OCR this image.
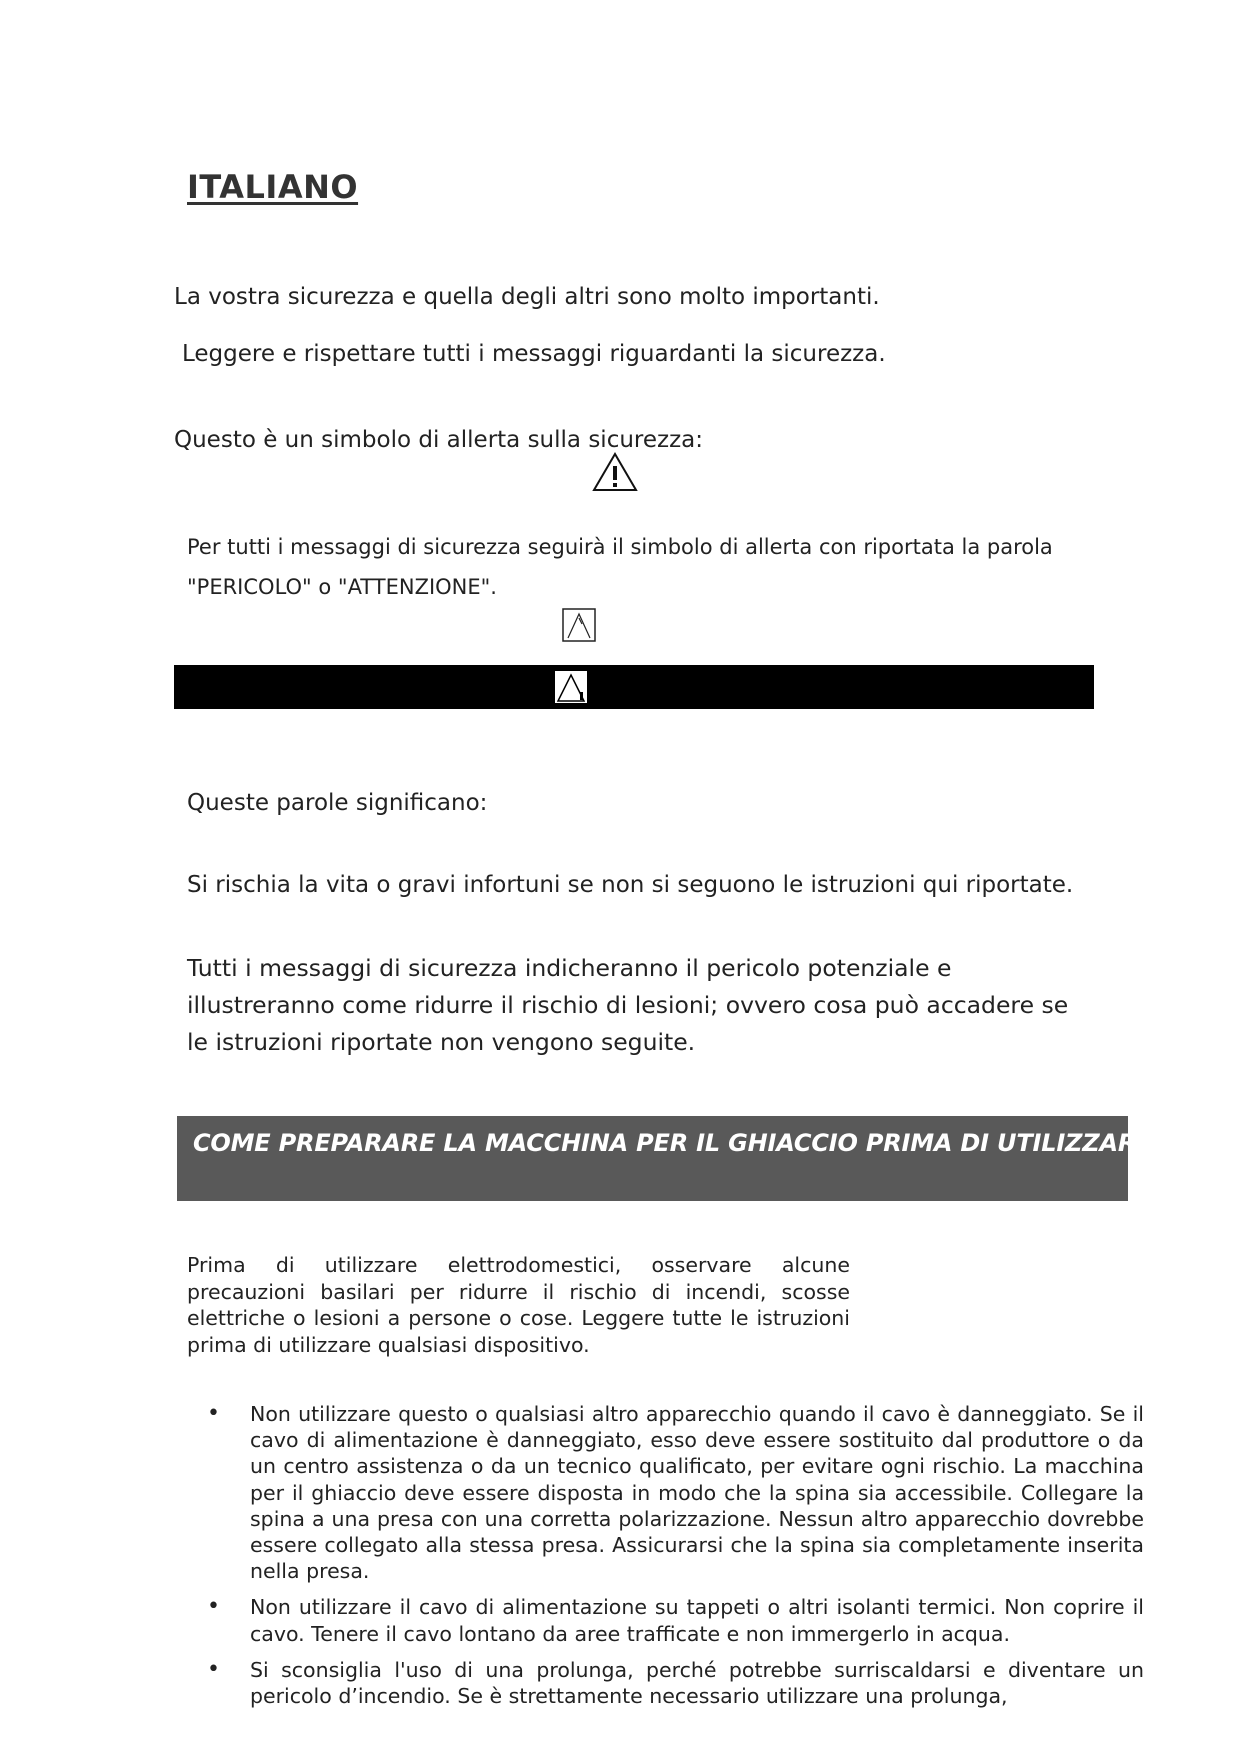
ITALIANO

La vostra sicurezza e quella degli altri sono molto importanti.

Leggere e rispettare tutti i messaggi riguardanti la sicurezza.

Questo è un simbolo di allerta sulla sicurezza:

Per tutti i messaggi di sicurezza seguirà il simbolo di allerta con riportata la parola

"PERICOLO" o "ATTENZIONE".

Queste parole significano:

Si rischia la vita o gravi infortuni se non si seguono le istruzioni qui riportate.

Tutti i messaggi di sicurezza indicheranno il pericolo potenziale e illustreranno come ridurre il rischio di lesioni; ovvero cosa può accadere se le istruzioni riportate non vengono seguite.

COME PREPARARE LA MACCHINA PER IL GHIACCIO PRIMA DI UTILIZZARLA

Prima di utilizzare elettrodomestici, osservare alcune precauzioni basilari per ridurre il rischio di incendi, scosse elettriche o lesioni a persone o cose. Leggere tutte le istruzioni prima di utilizzare qualsiasi dispositivo.

• Non utilizzare questo o qualsiasi altro apparecchio quando il cavo è danneggiato. Se il cavo di alimentazione è danneggiato, esso deve essere sostituito dal produttore o da un centro assistenza o da un tecnico qualificato, per evitare ogni rischio. La macchina per il ghiaccio deve essere disposta in modo che la spina sia accessibile. Collegare la spina a una presa con una corretta polarizzazione. Nessun altro apparecchio dovrebbe essere collegato alla stessa presa. Assicurarsi che la spina sia completamente inserita nella presa.
• Non utilizzare il cavo di alimentazione su tappeti o altri isolanti termici. Non coprire il cavo. Tenere il cavo lontano da aree trafficate e non immergerlo in acqua.
• Si sconsiglia l'uso di una prolunga, perché potrebbe surriscaldarsi e diventare un pericolo d’incendio. Se è strettamente necessario utilizzare una prolunga,
